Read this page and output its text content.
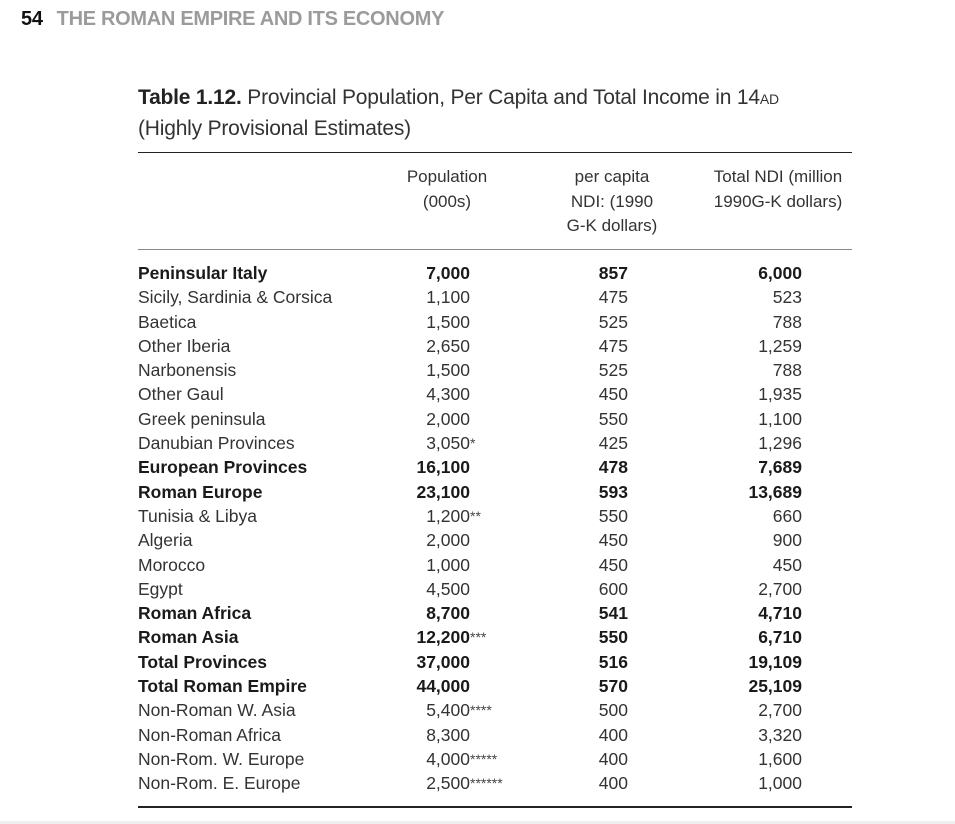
54 THE ROMAN EMPIRE AND ITS ECONOMY
Table 1.12. Provincial Population, Per Capita and Total Income in 14AD
(Highly Provisional Estimates)
Population
(000s)
per capita
NDI: (1990
G-K dollars)
Total NDI (million
1990G-K dollars)
Peninsular Italy	7,000	857	6,000
Sicily, Sardinia & Corsica	1,100	475	523
Baetica	1,500	525	788
Other Iberia	2,650	475	1,259
Narbonensis	1,500	525	788
Other Gaul	4,300	450	1,935
Greek peninsula	2,000	550	1,100
Danubian Provinces	3,050 *	425	1,296
European Provinces	16,100	478	7,689
Roman Europe	23,100	593	13,689
Tunisia & Libya	1,200 **	550	660
Algeria	2,000	450	900
Morocco	1,000	450	450
Egypt	4,500	600	2,700
Roman Africa	8,700	541	4,710
Roman Asia	12,200 ***	550	6,710
Total Provinces	37,000	516	19,109
Total Roman Empire	44,000	570	25,109
Non-Roman W. Asia	5,400 ****	500	2,700
Non-Roman Africa	8,300	400	3,320
Non-Rom. W. Europe	4,000 *****	400	1,600
Non-Rom. E. Europe	2,500 ******	400	1,000
